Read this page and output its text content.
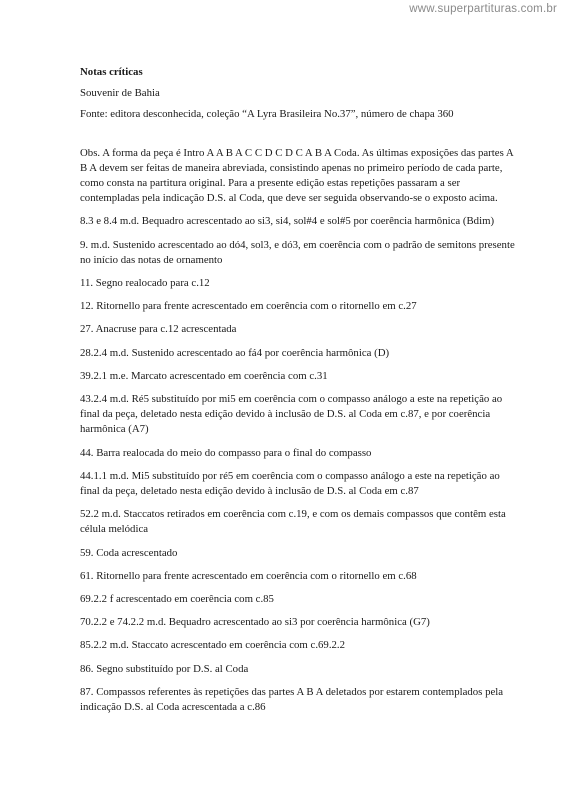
www.superpartituras.com.br

Notas críticas

Souvenir de Bahia

Fonte: editora desconhecida, coleção “A Lyra Brasileira No.37”, número de chapa 360

Obs. A forma da peça é Intro A A B A C C D C D C A B A Coda. As últimas exposições das partes A B A devem ser feitas de maneira abreviada, consistindo apenas no primeiro período de cada parte, como consta na partitura original. Para a presente edição estas repetições passaram a ser contempladas pela indicação D.S. al Coda, que deve ser seguida observando-se o exposto acima.

8.3 e 8.4 m.d. Bequadro acrescentado ao si3, si4, sol#4 e sol#5 por coerência harmônica (Bdim)

9. m.d. Sustenido acrescentado ao dó4, sol3, e dó3, em coerência com o padrão de semitons presente no início das notas de ornamento

11. Segno realocado para c.12

12. Ritornello para frente acrescentado em coerência com o ritornello em c.27

27. Anacruse para c.12 acrescentada

28.2.4 m.d. Sustenido acrescentado ao fá4 por coerência harmônica (D)

39.2.1 m.e. Marcato acrescentado em coerência com c.31

43.2.4 m.d. Ré5 substituído por mi5 em coerência com o compasso análogo a este na repetição ao final da peça, deletado nesta edição devido à inclusão de D.S. al Coda em c.87, e por coerência harmônica (A7)

44. Barra realocada do meio do compasso para o final do compasso

44.1.1 m.d. Mi5 substituído por ré5 em coerência com o compasso análogo a este na repetição ao final da peça, deletado nesta edição devido à inclusão de D.S. al Coda em c.87

52.2 m.d. Staccatos retirados em coerência com c.19, e com os demais compassos que contêm esta célula melódica

59. Coda acrescentado

61. Ritornello para frente acrescentado em coerência com o ritornello em c.68

69.2.2 f acrescentado em coerência com c.85

70.2.2 e 74.2.2 m.d. Bequadro acrescentado ao si3 por coerência harmônica (G7)

85.2.2 m.d. Staccato acrescentado em coerência com c.69.2.2

86. Segno substituído por D.S. al Coda

87. Compassos referentes às repetições das partes A B A deletados por estarem contemplados pela indicação D.S. al Coda acrescentada a c.86
